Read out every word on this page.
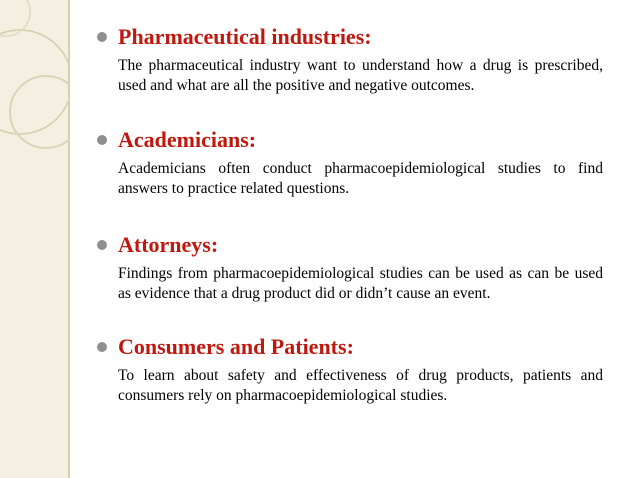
Pharmaceutical industries:
The pharmaceutical industry want to understand how a drug is prescribed, used and what are all the positive and negative outcomes.
Academicians:
Academicians often conduct pharmacoepidemiological studies to find answers to practice related questions.
Attorneys:
Findings from pharmacoepidemiological studies can be used as can be used as evidence that a drug product did or didn’t cause an event.
Consumers and Patients:
To learn about safety and effectiveness of drug products, patients and consumers rely on pharmacoepidemiological studies.
